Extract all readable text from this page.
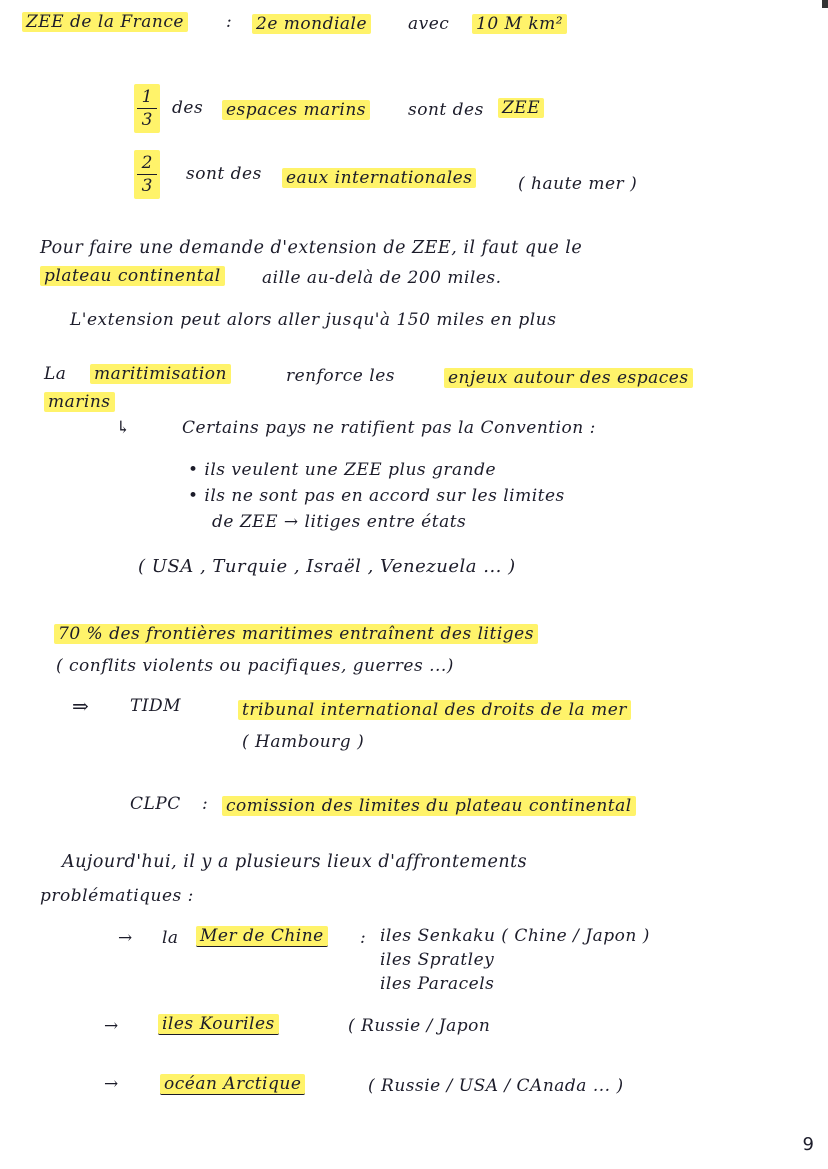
ZEE de la France : 2e mondiale avec 10 M km²
1
3
des espaces marins sont des ZEE
2
3
sont des eaux internationales	( haute mer )
Pour faire une demande d'extension de ZEE, il faut que le
plateau continental aille au-delà de 200 miles.
L'extension peut alors aller jusqu'à 150 miles en plus
La maritimisation	renforce les	enjeux autour des espaces
marins
↳	Certains pays ne ratifient pas la Convention :
• ils veulent une ZEE plus grande
• ils ne sont pas en accord sur les limites
de ZEE → litiges entre états
( USA , Turquie , Israël , Venezuela ... )
70 % des frontières maritimes entraînent des litiges
( conflits violents ou pacifiques, guerres ...)
⇒ TIDM	tribunal international des droits de la mer
( Hambourg )
CLPC : comission des limites du plateau continental
Aujourd'hui, il y a plusieurs lieux d'affrontements
problématiques :
→ la Mer de Chine : iles Senkaku ( Chine / Japon )
iles Spratley
iles Paracels
→	iles Kouriles	( Russie / Japon
→	océan Arctique	( Russie / USA / CAnada ... )
9
